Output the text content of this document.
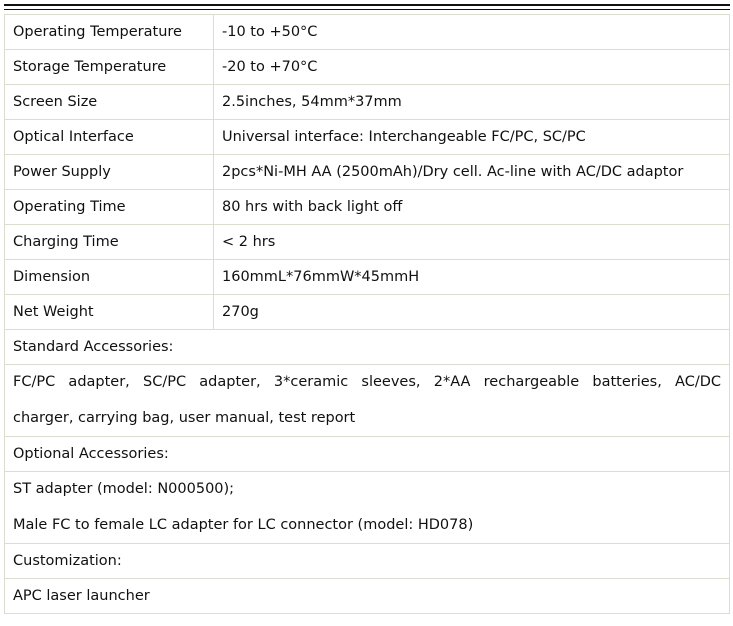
Operating Temperature	-10 to +50°C
Storage Temperature	-20 to +70°C
Screen Size	2.5inches, 54mm*37mm
Optical Interface	Universal interface: Interchangeable FC/PC, SC/PC
Power Supply	2pcs*Ni-MH AA (2500mAh)/Dry cell. Ac-line with AC/DC adaptor
Operating Time	80 hrs with back light off
Charging Time	< 2 hrs
Dimension	160mmL*76mmW*45mmH
Net Weight	270g
Standard Accessories:	

FC/PC adapter, SC/PC adapter, 3*ceramic sleeves, 2*AA rechargeable batteries, AC/DC
charger, carrying bag, user manual, test report	

Optional Accessories:	

ST adapter (model: N000500);
Male FC to female LC adapter for LC connector (model: HD078)	

Customization:	
APC laser launcher	
